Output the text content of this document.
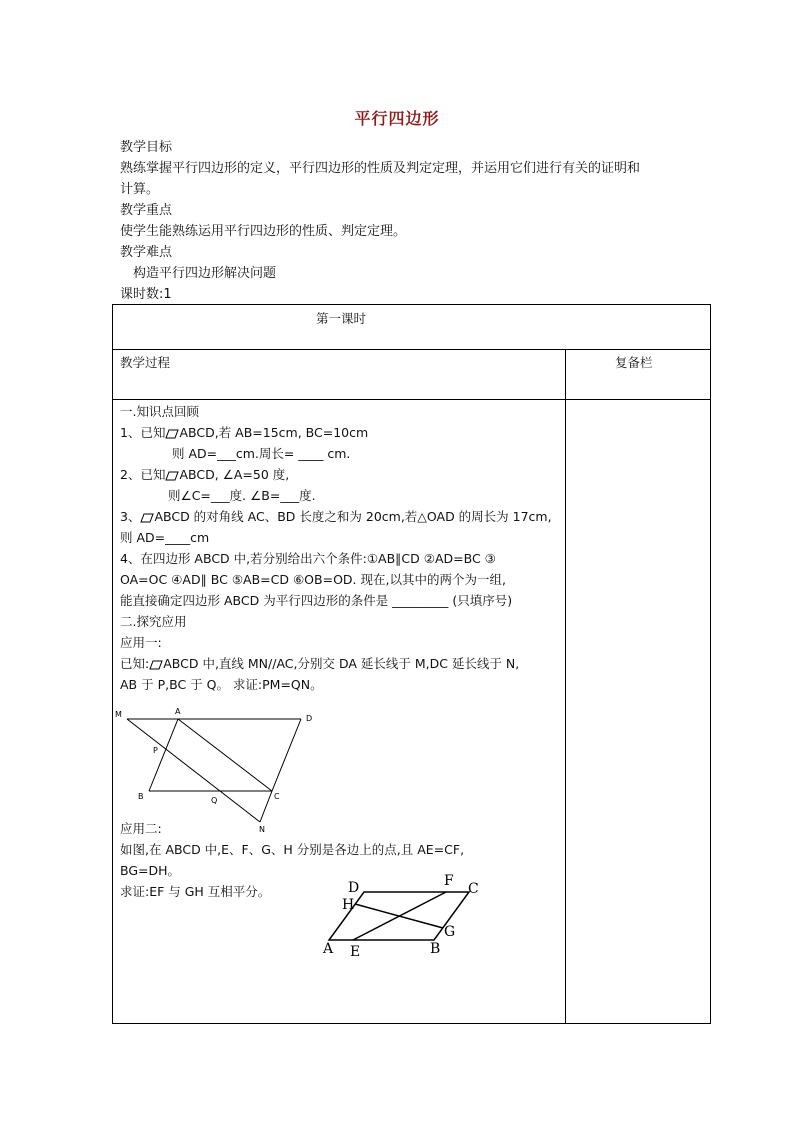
平行四边形
教学目标
熟练掌握平行四边形的定义，平行四边形的性质及判定定理，并运用它们进行有关的证明和
计算。
教学重点
使学生能熟练运用平行四边形的性质、判定定理。
教学难点
构造平行四边形解决问题
课时数:1
第一课时
教学过程	复备栏
一.知识点回顾
1、已知 ABCD,若 AB=15cm, BC=10cm
则 AD=___cm.周长= ____ cm.
2、已知 ABCD, ∠A=50 度,
则∠C=___度. ∠B=___度.
3、 ABCD 的对角线 AC、BD 长度之和为 20cm,若△OAD 的周长为 17cm,
则 AD=____cm
4、在四边形 ABCD 中,若分别给出六个条件:①AB∥CD ②AD=BC ③
OA=OC ④AD∥ BC ⑤AB=CD ⑥OB=OD. 现在,以其中的两个为一组,
能直接确定四边形 ABCD 为平行四边形的条件是 _________ (只填序号)
二.探究应用
应用一:
已知: ABCD 中,直线 MN//AC,分别交 DA 延长线于 M,DC 延长线于 N,
AB 于 P,BC 于 Q。 求证:PM=QN。
M	A
D
P
B	Q	C
N
应用二:
如图,在 ABCD 中,E、F、G、H 分别是各边上的点,且 AE=CF,
BG=DH。
求证:EF 与 GH 互相平分。	D	F C
H
G
A E	B
